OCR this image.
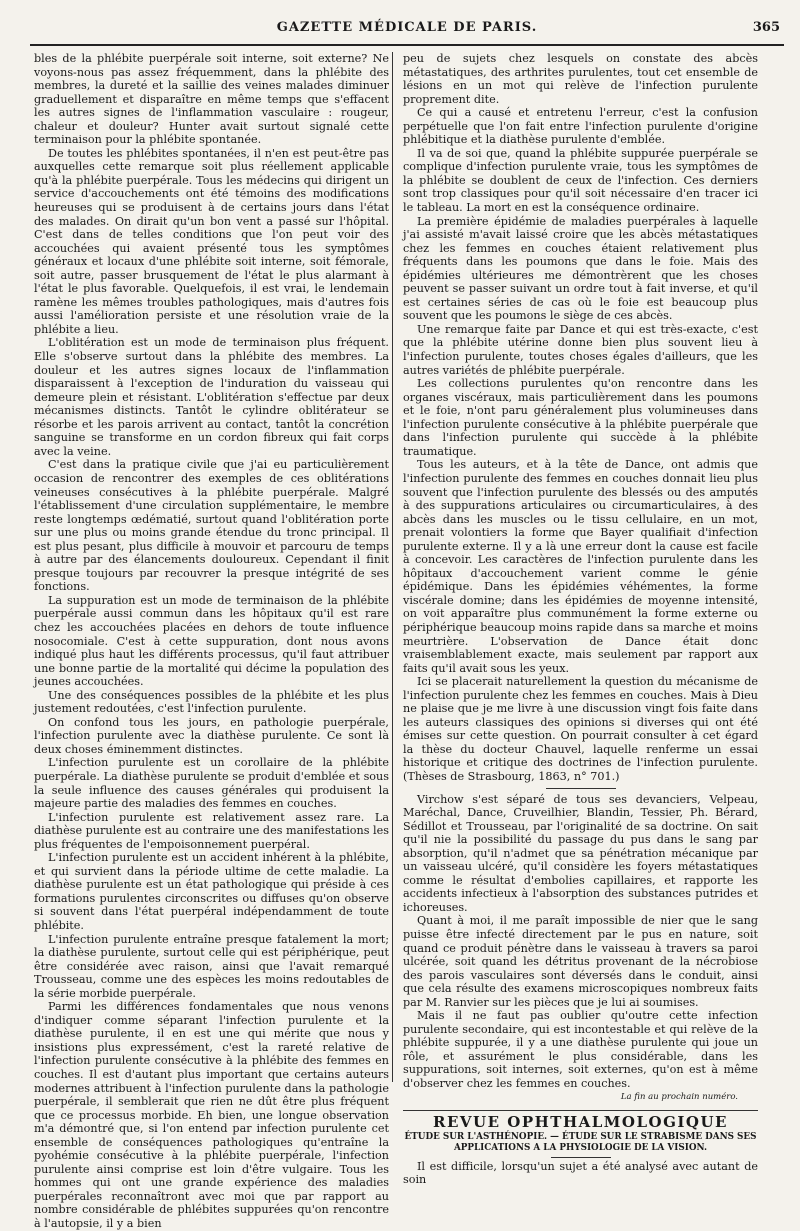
GAZETTE MÉDICALE DE PARIS.	365

bles de la phlébite puerpérale soit interne, soit externe? Ne voyons-nous pas assez fréquemment, dans la phlébite des membres, la dureté et la saillie des veines malades diminuer graduellement et disparaître en même temps que s'effacent les autres signes de l'inflammation vasculaire : rougeur, chaleur et douleur? Hunter avait surtout signalé cette terminaison pour la phlébite spontanée.

De toutes les phlébites spontanées, il n'en est peut-être pas auxquelles cette remarque soit plus réellement applicable qu'à la phlébite puerpérale. Tous les médecins qui dirigent un service d'accouchements ont été témoins des modifications heureuses qui se produisent à de certains jours dans l'état des malades. On dirait qu'un bon vent a passé sur l'hôpital. C'est dans de telles conditions que l'on peut voir des accouchées qui avaient présenté tous les symptômes généraux et locaux d'une phlébite soit interne, soit fémorale, soit autre, passer brusquement de l'état le plus alarmant à l'état le plus favorable. Quelquefois, il est vrai, le lendemain ramène les mêmes troubles pathologiques, mais d'autres fois aussi l'amélioration persiste et une résolution vraie de la phlébite a lieu.

L'oblitération est un mode de terminaison plus fréquent. Elle s'observe surtout dans la phlébite des membres. La douleur et les autres signes locaux de l'inflammation disparaissent à l'exception de l'induration du vaisseau qui demeure plein et résistant. L'oblitération s'effectue par deux mécanismes distincts. Tantôt le cylindre oblitérateur se résorbe et les parois arrivent au contact, tantôt la concrétion sanguine se transforme en un cordon fibreux qui fait corps avec la veine.

C'est dans la pratique civile que j'ai eu particulièrement occasion de rencontrer des exemples de ces oblitérations veineuses consécutives à la phlébite puerpérale. Malgré l'établissement d'une circulation supplémentaire, le membre reste longtemps œdématié, surtout quand l'oblitération porte sur une plus ou moins grande étendue du tronc principal. Il est plus pesant, plus difficile à mouvoir et parcouru de temps à autre par des élancements douloureux. Cependant il finit presque toujours par recouvrer la presque intégrité de ses fonctions.

La suppuration est un mode de terminaison de la phlébite puerpérale aussi commun dans les hôpitaux qu'il est rare chez les accouchées placées en dehors de toute influence nosocomiale. C'est à cette suppuration, dont nous avons indiqué plus haut les différents processus, qu'il faut attribuer une bonne partie de la mortalité qui décime la population des jeunes accouchées.

Une des conséquences possibles de la phlébite et les plus justement redoutées, c'est l'infection purulente.

On confond tous les jours, en pathologie puerpérale, l'infection purulente avec la diathèse purulente. Ce sont là deux choses éminemment distinctes.

L'infection purulente est un corollaire de la phlébite puerpérale. La diathèse purulente se produit d'emblée et sous la seule influence des causes générales qui produisent la majeure partie des maladies des femmes en couches.

L'infection purulente est relativement assez rare. La diathèse purulente est au contraire une des manifestations les plus fréquentes de l'empoisonnement puerpéral.

L'infection purulente est un accident inhérent à la phlébite, et qui survient dans la période ultime de cette maladie. La diathèse purulente est un état pathologique qui préside à ces formations purulentes circonscrites ou diffuses qu'on observe si souvent dans l'état puerpéral indépendamment de toute phlébite.

L'infection purulente entraîne presque fatalement la mort; la diathèse purulente, surtout celle qui est périphérique, peut être considérée avec raison, ainsi que l'avait remarqué Trousseau, comme une des espèces les moins redoutables de la série morbide puerpérale.

Parmi les différences fondamentales que nous venons d'indiquer comme séparant l'infection purulente et la diathèse purulente, il en est une qui mérite que nous y insistions plus expressément, c'est la rareté relative de l'infection purulente consécutive à la phlébite des femmes en couches. Il est d'autant plus important que certains auteurs modernes attribuent à l'infection purulente dans la pathologie puerpérale, il semblerait que rien ne dût être plus fréquent que ce processus morbide. Eh bien, une longue observation m'a démontré que, si l'on entend par infection purulente cet ensemble de conséquences pathologiques qu'entraîne la pyohémie consécutive à la phlébite puerpérale, l'infection purulente ainsi comprise est loin d'être vulgaire. Tous les hommes qui ont une grande expérience des maladies puerpérales reconnaîtront avec moi que par rapport au nombre considérable de phlébites suppurées qu'on rencontre à l'autopsie, il y a bien

peu de sujets chez lesquels on constate des abcès métastatiques, des arthrites purulentes, tout cet ensemble de lésions en un mot qui relève de l'infection purulente proprement dite.

Ce qui a causé et entretenu l'erreur, c'est la confusion perpétuelle que l'on fait entre l'infection purulente d'origine phlébitique et la diathèse purulente d'emblée.

Il va de soi que, quand la phlébite suppurée puerpérale se complique d'infection purulente vraie, tous les symptômes de la phlébite se doublent de ceux de l'infection. Ces derniers sont trop classiques pour qu'il soit nécessaire d'en tracer ici le tableau. La mort en est la conséquence ordinaire.

La première épidémie de maladies puerpérales à laquelle j'ai assisté m'avait laissé croire que les abcès métastatiques chez les femmes en couches étaient relativement plus fréquents dans les poumons que dans le foie. Mais des épidémies ultérieures me démontrèrent que les choses peuvent se passer suivant un ordre tout à fait inverse, et qu'il est certaines séries de cas où le foie est beaucoup plus souvent que les poumons le siège de ces abcès.

Une remarque faite par Dance et qui est très-exacte, c'est que la phlébite utérine donne bien plus souvent lieu à l'infection purulente, toutes choses égales d'ailleurs, que les autres variétés de phlébite puerpérale.

Les collections purulentes qu'on rencontre dans les organes viscéraux, mais particulièrement dans les poumons et le foie, n'ont paru généralement plus volumineuses dans l'infection purulente consécutive à la phlébite puerpérale que dans l'infection purulente qui succède à la phlébite traumatique.

Tous les auteurs, et à la tête de Dance, ont admis que l'infection purulente des femmes en couches donnait lieu plus souvent que l'infection purulente des blessés ou des amputés à des suppurations articulaires ou circumarticulaires, à des abcès dans les muscles ou le tissu cellulaire, en un mot, prenait volontiers la forme que Bayer qualifiait d'infection purulente externe. Il y a là une erreur dont la cause est facile à concevoir. Les caractères de l'infection purulente dans les hôpitaux d'accouchement varient comme le génie épidémique. Dans les épidémies véhémentes, la forme viscérale domine; dans les épidémies de moyenne intensité, on voit apparaître plus communément la forme externe ou périphérique beaucoup moins rapide dans sa marche et moins meurtrière. L'observation de Dance était donc vraisemblablement exacte, mais seulement par rapport aux faits qu'il avait sous les yeux.

Ici se placerait naturellement la question du mécanisme de l'infection purulente chez les femmes en couches. Mais à Dieu ne plaise que je me livre à une discussion vingt fois faite dans les auteurs classiques des opinions si diverses qui ont été émises sur cette question. On pourrait consulter à cet égard la thèse du docteur Chauvel, laquelle renferme un essai historique et critique des doctrines de l'infection purulente. (Thèses de Strasbourg, 1863, n° 701.)

Virchow s'est séparé de tous ses devanciers, Velpeau, Maréchal, Dance, Cruveilhier, Blandin, Tessier, Ph. Bérard, Sédillot et Trousseau, par l'originalité de sa doctrine. On sait qu'il nie la possibilité du passage du pus dans le sang par absorption, qu'il n'admet que sa pénétration mécanique par un vaisseau ulcéré, qu'il considère les foyers métastatiques comme le résultat d'embolies capillaires, et rapporte les accidents infectieux à l'absorption des substances putrides et ichoreuses.

Quant à moi, il me paraît impossible de nier que le sang puisse être infecté directement par le pus en nature, soit quand ce produit pénètre dans le vaisseau à travers sa paroi ulcérée, soit quand les détritus provenant de la nécrobiose des parois vasculaires sont déversés dans le conduit, ainsi que cela résulte des examens microscopiques nombreux faits par M. Ranvier sur les pièces que je lui ai soumises.

Mais il ne faut pas oublier qu'outre cette infection purulente secondaire, qui est incontestable et qui relève de la phlébite suppurée, il y a une diathèse purulente qui joue un rôle, et assurément le plus considérable, dans les suppurations, soit internes, soit externes, qu'on est à même d'observer chez les femmes en couches.

La fin au prochain numéro.
REVUE OPHTHALMOLOGIQUE
ÉTUDE SUR L'ASTHÉNOPIE. — ÉTUDE SUR LE STRABISME DANS SES
APPLICATIONS A LA PHYSIOLOGIE DE LA VISION.

Il est difficile, lorsqu'un sujet a été analysé avec autant de soin
